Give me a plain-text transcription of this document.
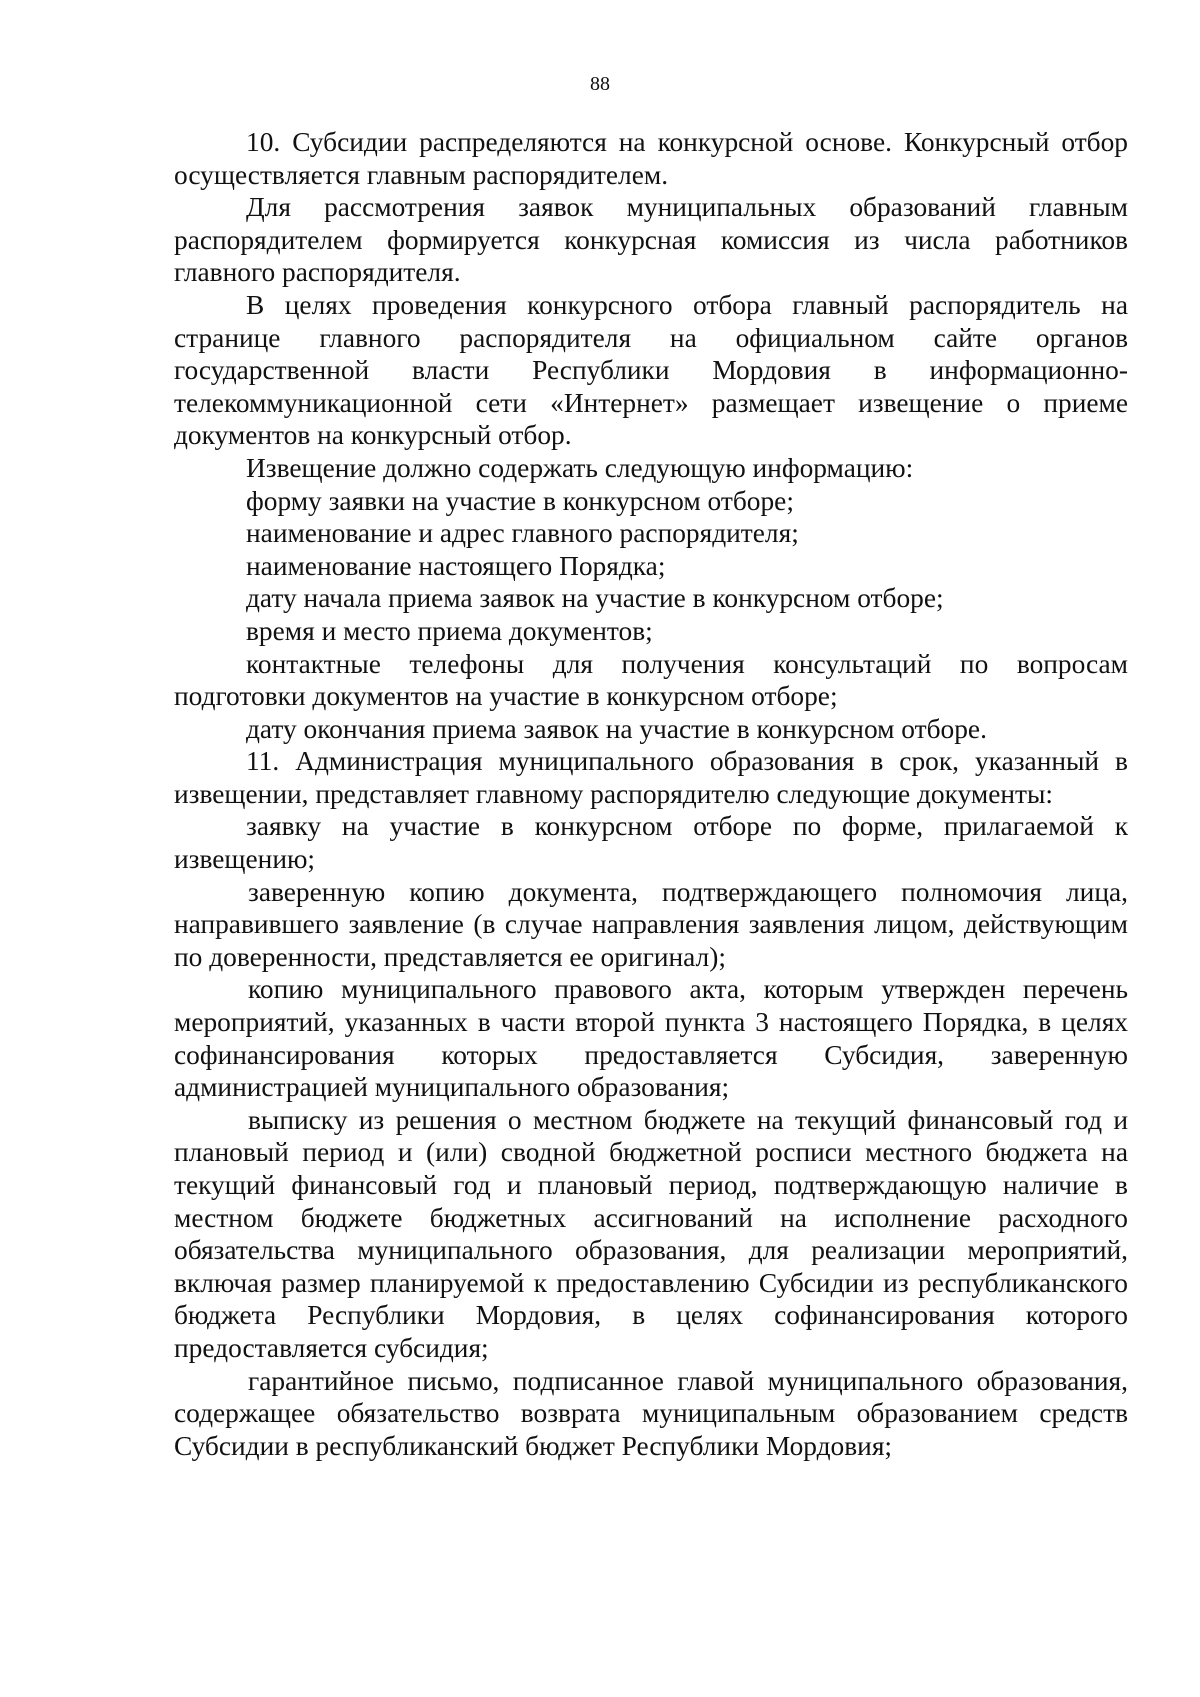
88

10. Субсидии распределяются на конкурсной основе. Конкурсный отбор осуществляется главным распорядителем.

Для рассмотрения заявок муниципальных образований главным распорядителем формируется конкурсная комиссия из числа работников главного распорядителя.

В целях проведения конкурсного отбора главный распорядитель на странице главного распорядителя на официальном сайте органов государственной власти Республики Мордовия в информационно-телекоммуникационной сети «Интернет» размещает извещение о приеме документов на конкурсный отбор.

Извещение должно содержать следующую информацию:

форму заявки на участие в конкурсном отборе;

наименование и адрес главного распорядителя;

наименование настоящего Порядка;

дату начала приема заявок на участие в конкурсном отборе;

время и место приема документов;

контактные телефоны для получения консультаций по вопросам подготовки документов на участие в конкурсном отборе;

дату окончания приема заявок на участие в конкурсном отборе.

11. Администрация муниципального образования в срок, указанный в извещении, представляет главному распорядителю следующие документы:

заявку на участие в конкурсном отборе по форме, прилагаемой к извещению;

заверенную копию документа, подтверждающего полномочия лица, направившего заявление (в случае направления заявления лицом, действующим по доверенности, представляется ее оригинал);

копию муниципального правового акта, которым утвержден перечень мероприятий, указанных в части второй пункта 3 настоящего Порядка, в целях софинансирования которых предоставляется Субсидия, заверенную администрацией муниципального образования;

выписку из решения о местном бюджете на текущий финансовый год и плановый период и (или) сводной бюджетной росписи местного бюджета на текущий финансовый год и плановый период, подтверждающую наличие в местном бюджете бюджетных ассигнований на исполнение расходного обязательства муниципального образования, для реализации мероприятий, включая размер планируемой к предоставлению Субсидии из республиканского бюджета Республики Мордовия, в целях софинансирования которого предоставляется субсидия;

гарантийное письмо, подписанное главой муниципального образования, содержащее обязательство возврата муниципальным образованием средств Субсидии в республиканский бюджет Республики Мордовия;
